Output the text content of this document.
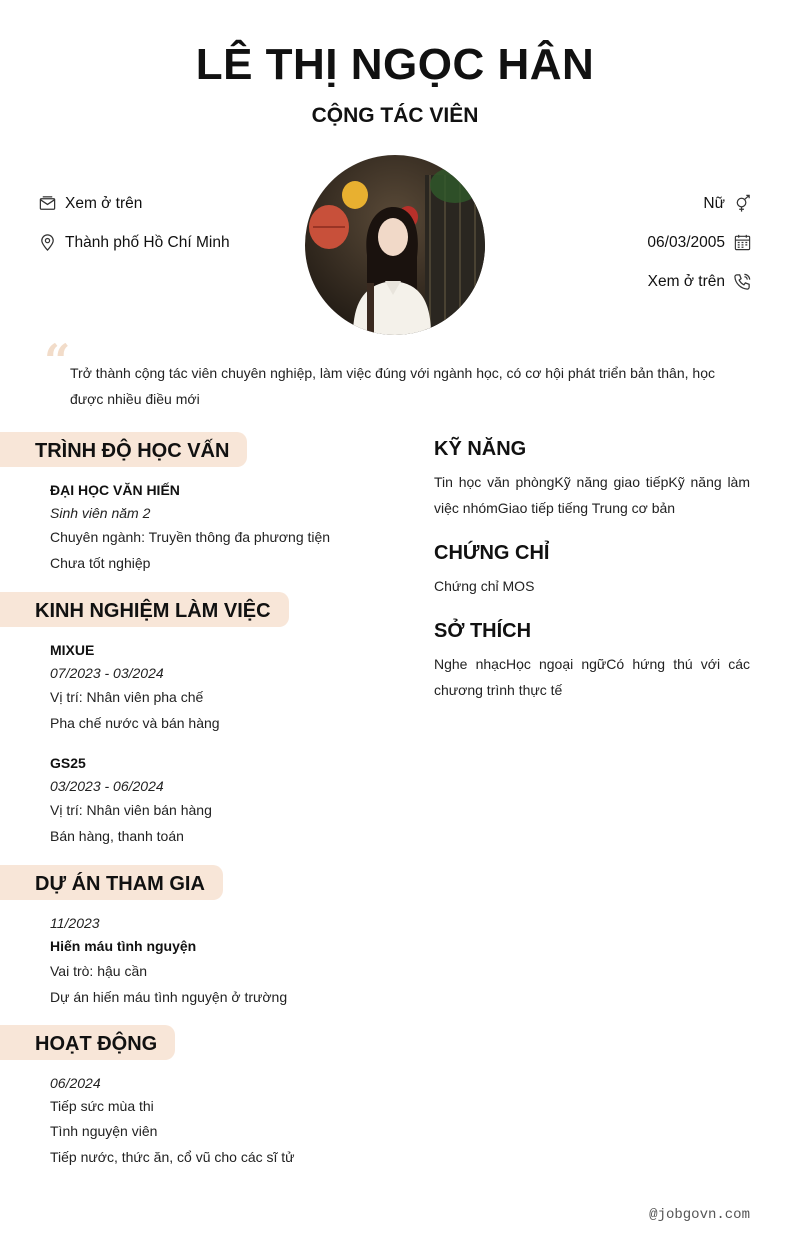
LÊ THỊ NGỌC HÂN
CỘNG TÁC VIÊN
Xem ở trên
Thành phố Hồ Chí Minh
Nữ
06/03/2005
Xem ở trên
“ Trở thành cộng tác viên chuyên nghiệp, làm việc đúng với ngành học, có cơ hội phát triển bản thân, học được nhiều điều mới
TRÌNH ĐỘ HỌC VẤN
ĐẠI HỌC VĂN HIẾN
Sinh viên năm 2
Chuyên ngành: Truyền thông đa phương tiện
Chưa tốt nghiệp
KINH NGHIỆM LÀM VIỆC
MIXUE
07/2023 - 03/2024
Vị trí: Nhân viên pha chế
Pha chế nước và bán hàng
GS25
03/2023 - 06/2024
Vị trí: Nhân viên bán hàng
Bán hàng, thanh toán
DỰ ÁN THAM GIA
11/2023
Hiến máu tình nguyện
Vai trò: hậu cần
Dự án hiến máu tình nguyện ở trường
HOẠT ĐỘNG
06/2024
Tiếp sức mùa thi
Tình nguyện viên
Tiếp nước, thức ăn, cổ vũ cho các sĩ tử
KỸ NĂNG
Tin học văn phòngKỹ năng giao tiếpKỹ năng làm việc nhómGiao tiếp tiếng Trung cơ bản
CHỨNG CHỈ
Chứng chỉ MOS
SỞ THÍCH
Nghe nhạcHọc ngoại ngữCó hứng thú với các chương trình thực tế
@jobgovn.com
